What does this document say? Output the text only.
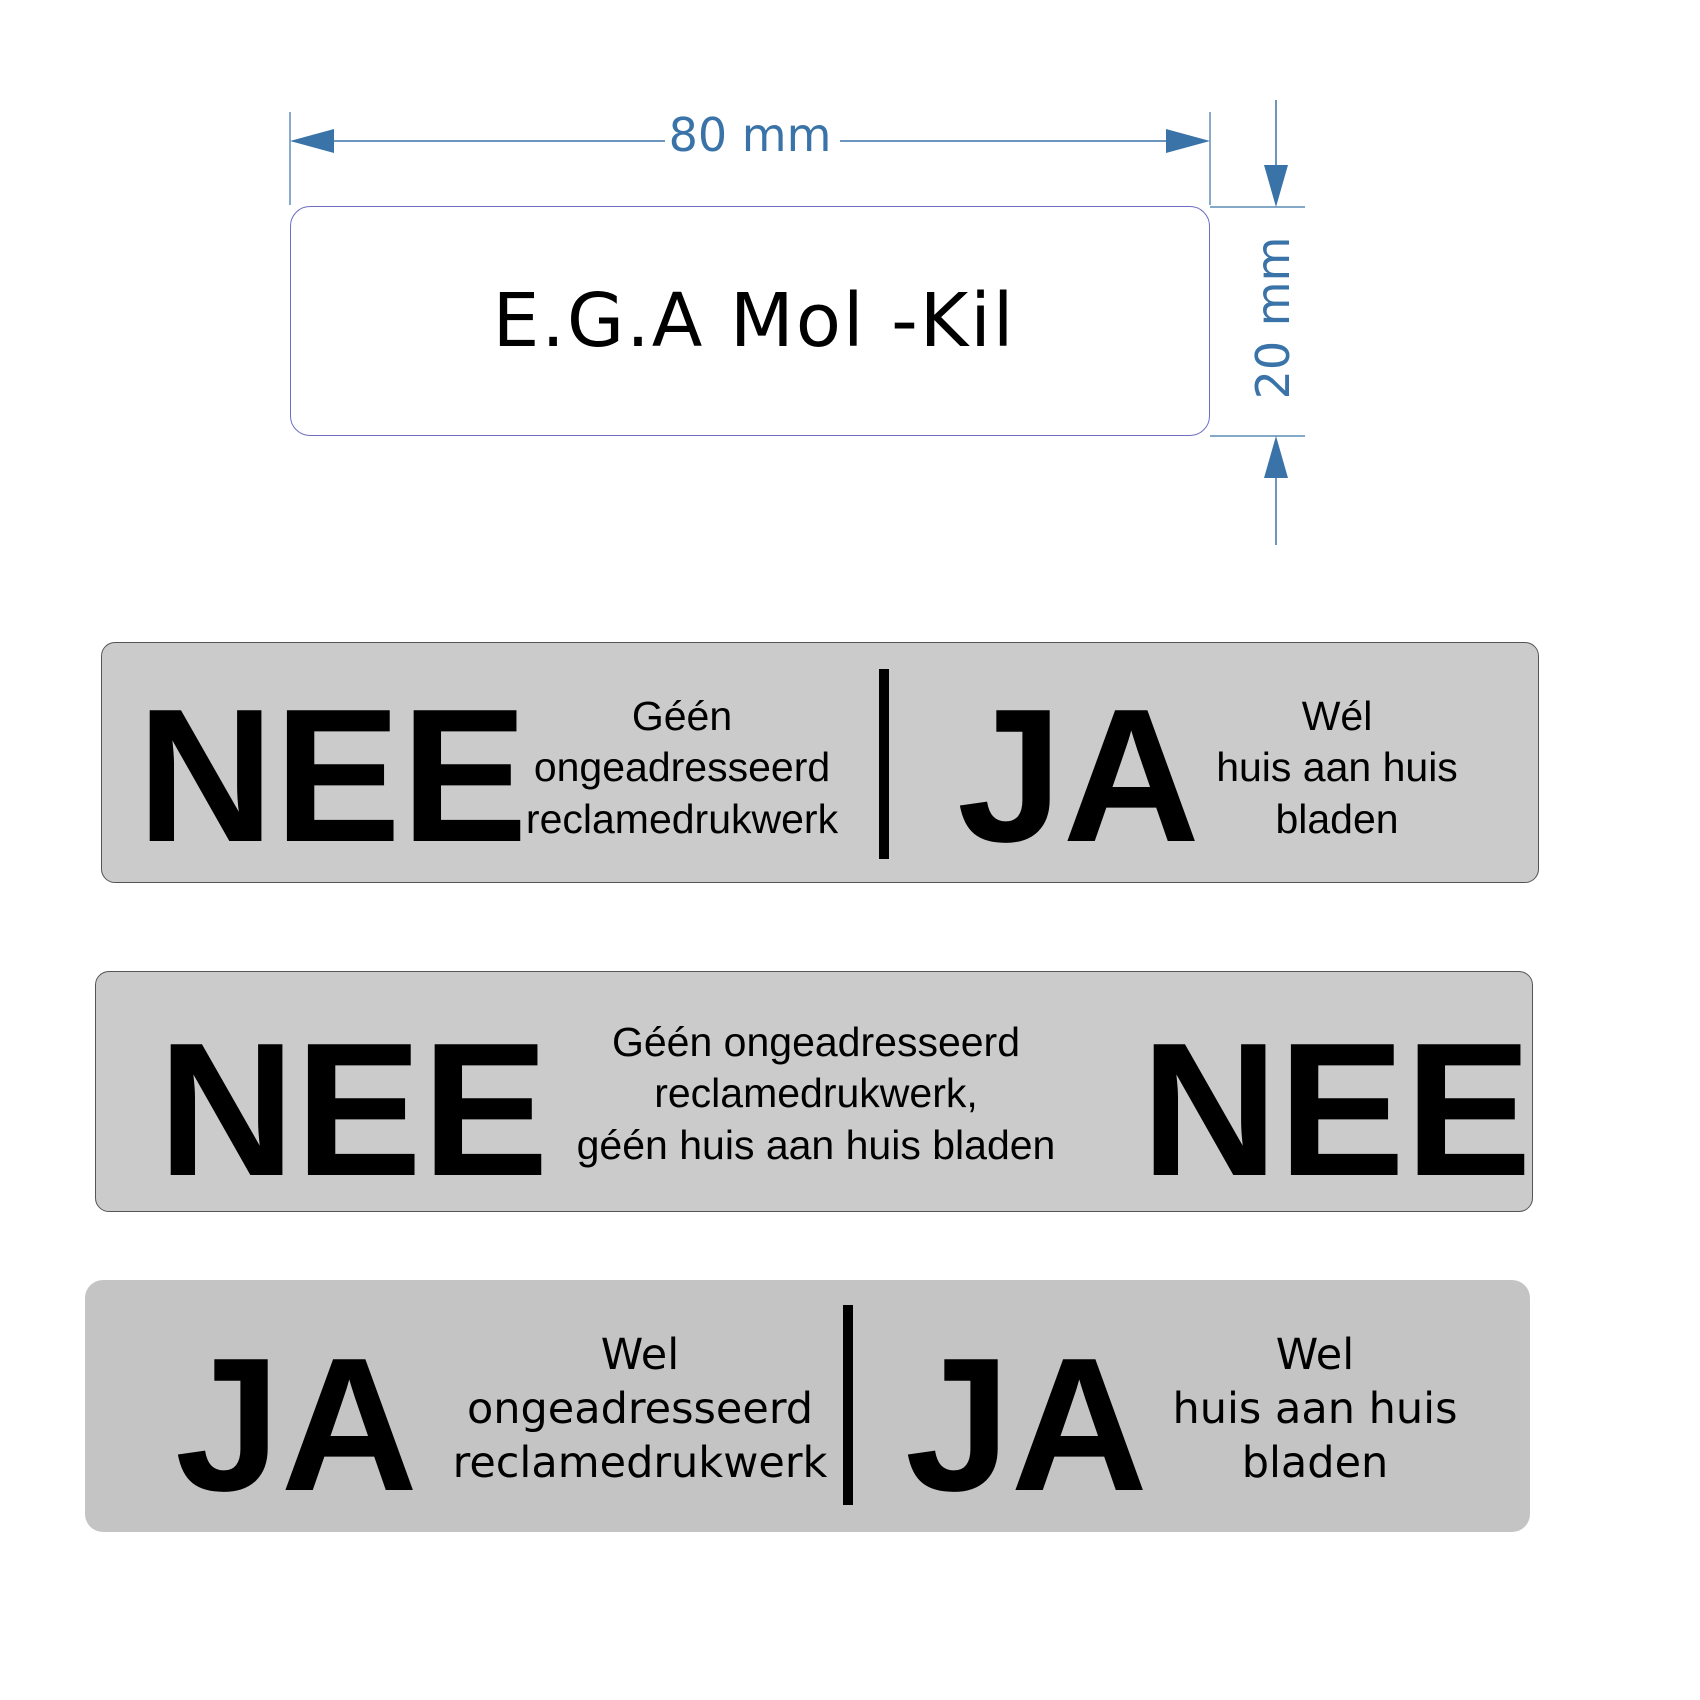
80 mm
20 mm
E.G.A Mol -Kil
NEE	Géén
ongeadresseerd
reclamedrukwerk JA	Wél
huis aan huis
bladen
NEE	Géén ongeadresseerd
reclamedrukwerk,
géén huis aan huis bladen NEE
JA	Wel
ongeadresseerd
reclamedrukwerk JA	Wel
huis aan huis
bladen
